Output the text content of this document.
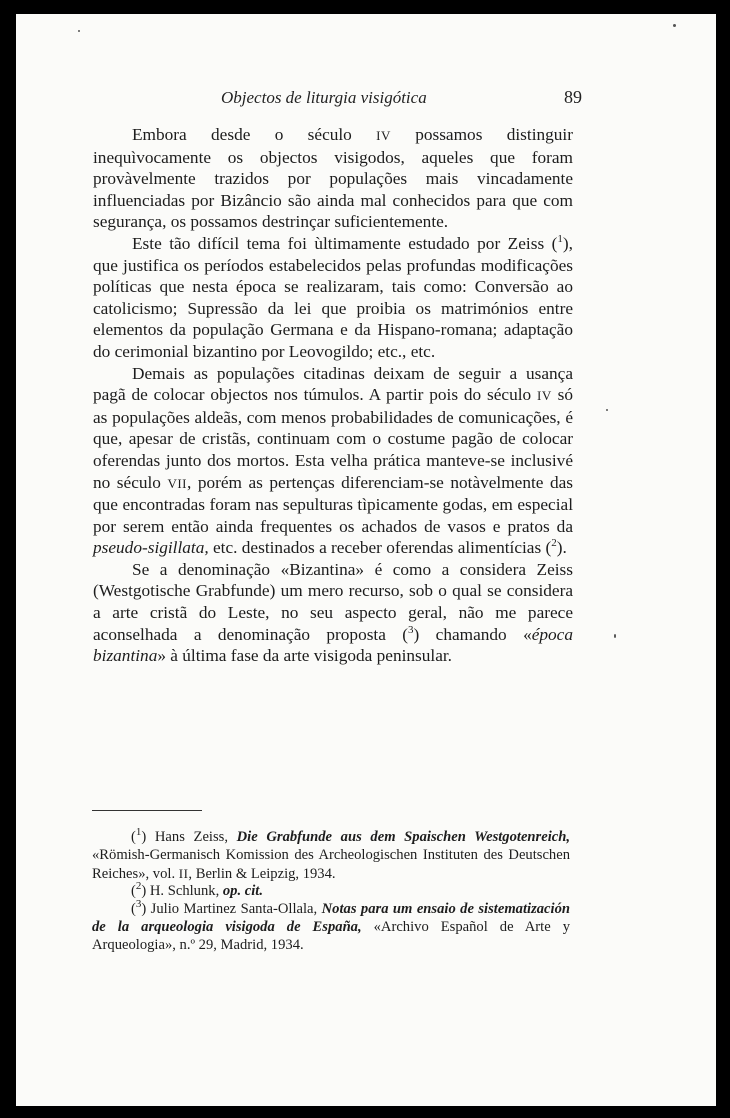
Objectos de liturgia visigótica	89

Embora desde o século IV possamos distinguir inequìvocamente os objectos visigodos, aqueles que foram provàvelmente trazidos por populações mais vincadamente influenciadas por Bizâncio são ainda mal conhecidos para que com segurança, os possamos destrinçar suficientemente.

Este tão difícil tema foi ùltimamente estudado por Zeiss ($^1$), que justifica os períodos estabelecidos pelas profundas modificações políticas que nesta época se realizaram, tais como: Conversão ao catolicismo; Supressão da lei que proibia os matrimónios entre elementos da população Germana e da Hispano-romana; adaptação do cerimonial bizantino por Leovogildo; etc., etc.

Demais as populações citadinas deixam de seguir a usança pagã de colocar objectos nos túmulos. A partir pois do século IV só as populações aldeãs, com menos probabilidades de comunicações, é que, apesar de cristãs, continuam com o costume pagão de colocar oferendas junto dos mortos. Esta velha prática manteve-se inclusivé no século VII, porém as pertenças diferenciam-se notàvelmente das que encontradas foram nas sepulturas tìpicamente godas, em especial por serem então ainda frequentes os achados de vasos e pratos da pseudo-sigillata, etc. destinados a receber oferendas alimentícias ($^2$).

Se a denominação «Bizantina» é como a considera Zeiss (Westgotische Grabfunde) um mero recurso, sob o qual se considera a arte cristã do Leste, no seu aspecto geral, não me parece aconselhada a denominação proposta ($^3$) chamando «época bizantina» à última fase da arte visigoda peninsular.

($^1$) Hans Zeiss, Die Grabfunde aus dem Spaischen Westgotenreich, «Römish-Germanisch Komission des Archeologischen Instituten des Deutschen Reiches», vol. II, Berlin & Leipzig, 1934.

($^2$) H. Schlunk, op. cit.

($^3$) Julio Martinez Santa-Ollala, Notas para um ensaio de sistematización de la arqueologia visigoda de España, «Archivo Español de Arte y Arqueologia», n.º 29, Madrid, 1934.
